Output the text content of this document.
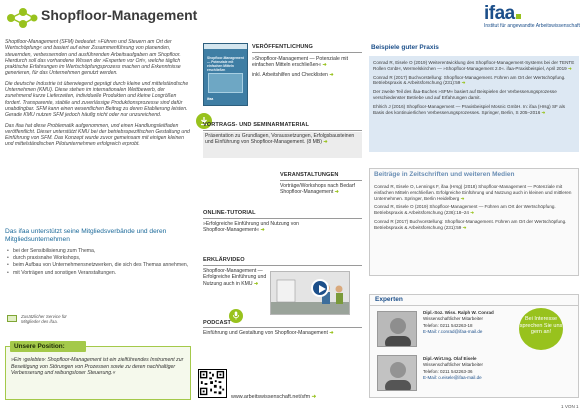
Shopfloor-Management	ifaa
Institut für angewandte Arbeitswissenschaft

Shopfloor-Management (SFM) bedeutet: »Führen und Steuern am Ort der Wertschöpfung« und basiert auf einer Zusammenführung von planenden, steuernden, verbessernden und ausführenden Arbeitsaufgaben am Shopfloor. Hierdurch soll das vorhandene Wissen der »Experten vor Ort«, welche täglich praktische Erfahrungen im Wertschöpfungsprozess machen und Erkenntnisse generieren, für das Unternehmen genutzt werden.

Die deutsche Industrie ist überwiegend geprägt durch kleine und mittelständische Unternehmen (KMU). Diese stehen im internationalen Wettbewerb, der zunehmend kurze Lieferzeiten, individuelle Produkten und kleine Losgrößen fordert. Transparente, stabile und zuverlässige Produktionsprozesse sind dafür unabdingbar. SFM kann einen wesentlichen Beitrag zu deren Etablierung leisten. Gerade KMU nutzen SFM jedoch häufig nicht oder nur unzureichend.

Das ifaa hat diese Problematik aufgenommen, und einen Handlungsleitfaden veröffentlicht. Dieser unterstützt KMU bei der betriebsspezifischen Gestaltung und Einführung von SFM. Das Konzept wurde zuvor gemeinsam mit einigen kleinen und mittelständischen Pilotunternehmen erfolgreich erprobt.

Das ifaa unterstützt seine Mitgliedsverbände und deren Mitgliedsunternehmen
• bei der Sensibilisierung zum Thema,
• durch praxisnahe Workshops,
• beim Aufbau von Unternehmensnetzwerken, die sich des Themas annehmen,
• mit Vorträgen und sonstigen Veranstaltungen.
Zusätzlicher Service für Mitglieder des ifaa.
»Ein ›gelebtes‹ Shopfloor-Management ist ein zielführendes Instrument zur Beseitigung von Störungen von Prozessen sowie zu deren nachhaltiger Verbesserung und reibungsloser Steuerung.«
Unsere Position:
Shopfloor-Management — Potenziale mit einfachen Mitteln erschließen
ifaa
VERÖFFENTLICHUNG
»Shopfloor-Management — Potenziale mit einfachen Mitteln erschließen« ➜
inkl. Arbeitshilfen und Checklisten ➜
VORTRAGS- UND SEMINARMATERIAL
Präsentation zu Grundlagen, Voraussetzungen, Erfolgsbausteinen und Einführung von Shopfloor-Management. (8 MB) ➜
VERANSTALTUNGEN
Vorträge/Workshops nach Bedarf Shopfloor-Management ➜
ONLINE-TUTORIAL
»Erfolgreiche Einführung und Nutzung von Shopfloor-Management« ➜
ERKLÄRVIDEO
Shopfloor-Management — Erfolgreiche Einführung und Nutzung auch in KMU ➜
PODCAST
Einführung und Gestaltung von Shopfloor-Management ➜
www.arbeitswissenschaft.net/sfm ➜
Beispiele guter Praxis

Conrad R, Eisele O (2019) Weiterentwicklung des Shopfloor-Management-Systems bei der TENTE Rollen GmbH, Wermelskirchen — »Shopfloor-Management 2.0«. ifaa-Praxisbeispiel, April 2019 ➜

Conrad R (2017) Buchvorstellung: Shopfloor-Management. Führen am Ort der Wertschöpfung. Betriebspraxis & Arbeitsforschung (231):59 ➜

Der zweite Teil des ifaa-Buches »SFM« basiert auf Beispielen der Verbesserungsprozesse verschiedenster Betriebe und auf Erfahrungen damit.

Ehlrich J (2016) Shopfloor-Management — Praxisbeispiel Mosnic GmbH. In: ifaa (Hrsg) SF als Basis des kontinuierlichen Verbesserungsprozesses. Springer, Berlin, S 205–2016 ➜

Beiträge in Zeitschriften und weiteren Medien
Conrad R, Eisele O, Lennings F, ifaa (Hrsg) (2018) Shopfloor-Management — Potenziale mit einfachen Mitteln erschließen. Erfolgreiche Einführung und Nutzung auch in kleinen und mittleren Unternehmen. Springer, Berlin Heidelberg ➜
Conrad R, Eisele O (2019) Shopfloor-Management — Führen am Ort der Wertschöpfung. Betriebspraxis & Arbeitsforschung (236):18–24 ➜
Conrad R (2017) Buchvorstellung: Shopfloor-Management. Führen am Ort der Wertschöpfung. Betriebspraxis & Arbeitsforschung (231):59 ➜
Experten
Dipl.-Soz. Wiss. Ralph W. Conrad
Wissenschaftlicher Mitarbeiter
Telefon: 0211 542263-18
E-Mail: r.conrad@ifaa-mail.de
Dipl.-Wirt.Ing. Olaf Eisele
Wissenschaftlicher Mitarbeiter
Telefon: 0211 542263-36
E-Mail: o.eisele@ifaa-mail.de
Bei Interesse sprechen Sie uns gern an!
1 VON 1
